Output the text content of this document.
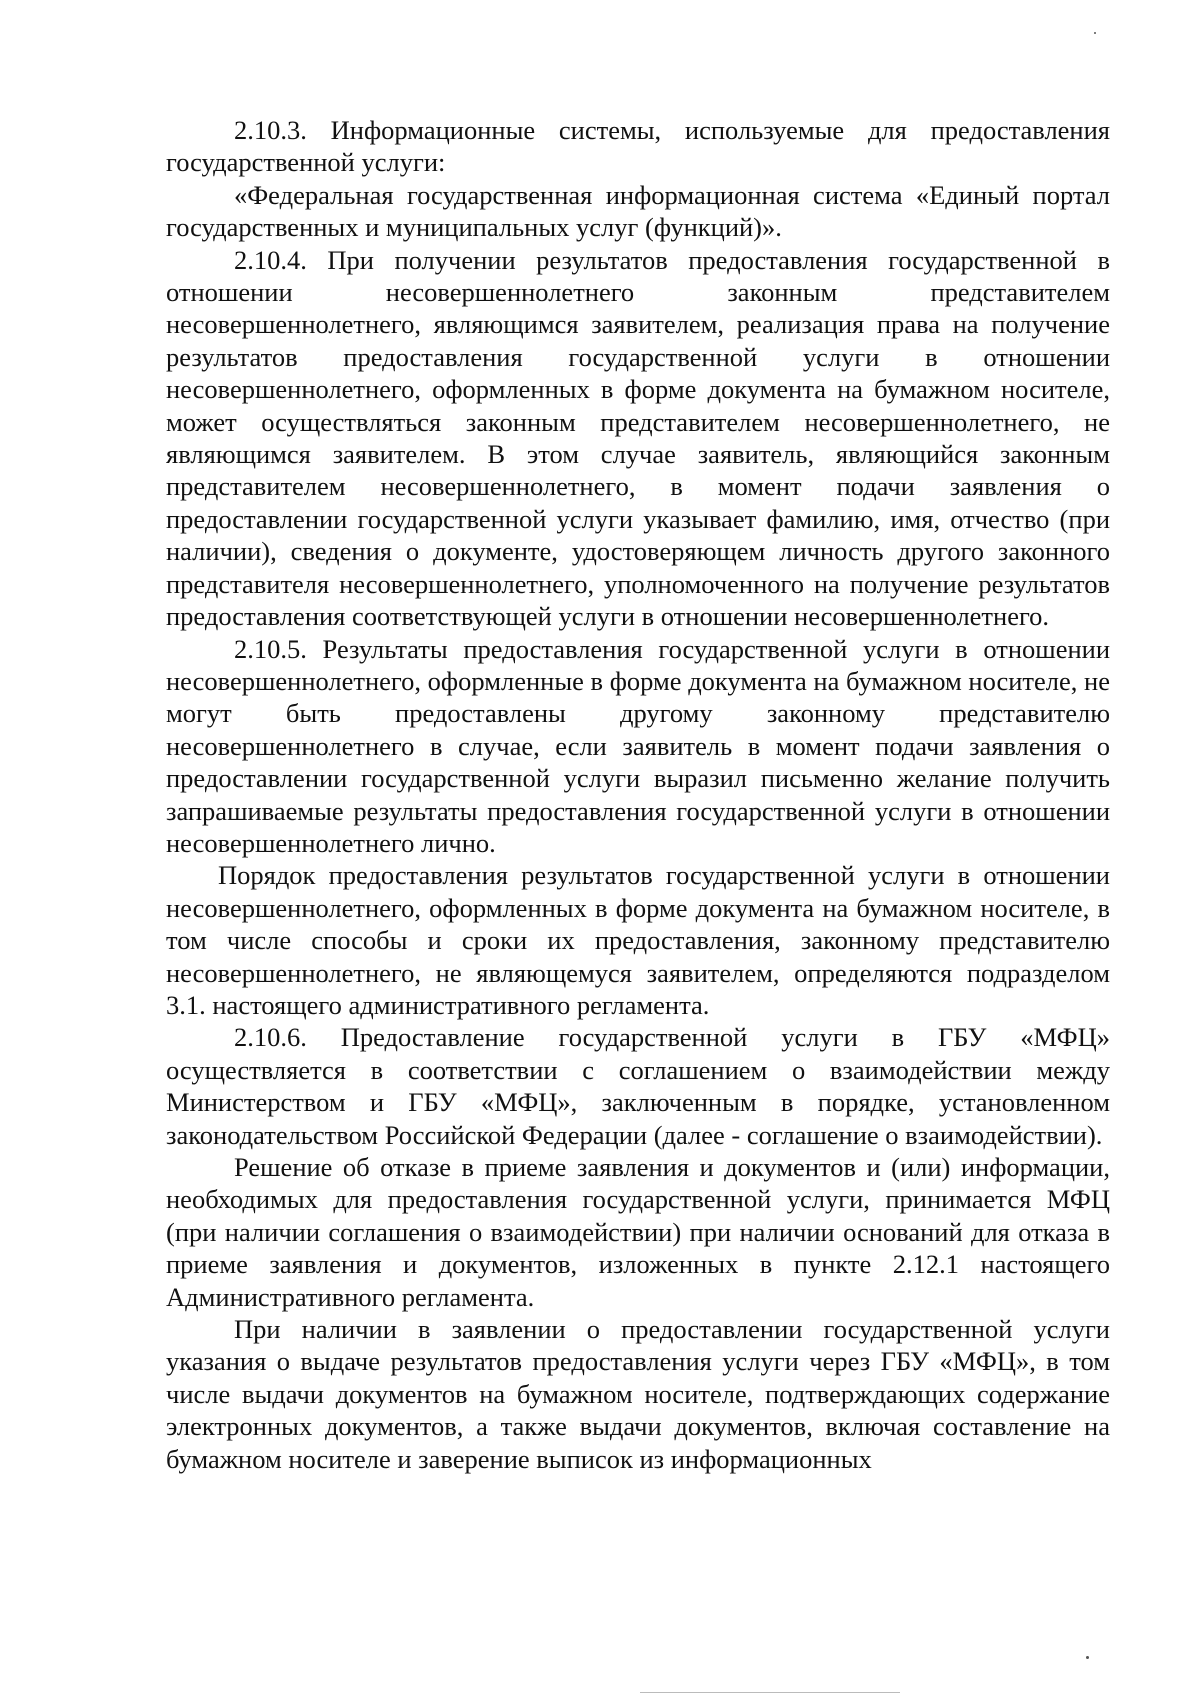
2.10.3. Информационные системы, используемые для предоставления государственной услуги:

«Федеральная государственная информационная система «Единый портал государственных и муниципальных услуг (функций)».

2.10.4. При получении результатов предоставления государственной в отношении несовершеннолетнего законным представителем несовершеннолетнего, являющимся заявителем, реализация права на получение результатов предоставления государственной услуги в отношении несовершеннолетнего, оформленных в форме документа на бумажном носителе, может осуществляться законным представителем несовершеннолетнего, не являющимся заявителем. В этом случае заявитель, являющийся законным представителем несовершеннолетнего, в момент подачи заявления о предоставлении государственной услуги указывает фамилию, имя, отчество (при наличии), сведения о документе, удостоверяющем личность другого законного представителя несовершеннолетнего, уполномоченного на получение результатов предоставления соответствующей услуги в отношении несовершеннолетнего.

2.10.5. Результаты предоставления государственной услуги в отношении несовершеннолетнего, оформленные в форме документа на бумажном носителе, не могут быть предоставлены другому законному представителю несовершеннолетнего в случае, если заявитель в момент подачи заявления о предоставлении государственной услуги выразил письменно желание получить запрашиваемые результаты предоставления государственной услуги в отношении несовершеннолетнего лично.

Порядок предоставления результатов государственной услуги в отношении несовершеннолетнего, оформленных в форме документа на бумажном носителе, в том числе способы и сроки их предоставления, законному представителю несовершеннолетнего, не являющемуся заявителем, определяются подразделом 3.1. настоящего административного регламента.

2.10.6. Предоставление государственной услуги в ГБУ «МФЦ» осуществляется в соответствии с соглашением о взаимодействии между Министерством и ГБУ «МФЦ», заключенным в порядке, установленном законодательством Российской Федерации (далее - соглашение о взаимодействии).

Решение об отказе в приеме заявления и документов и (или) информации, необходимых для предоставления государственной услуги, принимается МФЦ (при наличии соглашения о взаимодействии) при наличии оснований для отказа в приеме заявления и документов, изложенных в пункте 2.12.1 настоящего Административного регламента.

При наличии в заявлении о предоставлении государственной услуги указания о выдаче результатов предоставления услуги через ГБУ «МФЦ», в том числе выдачи документов на бумажном носителе, подтверждающих содержание электронных документов, а также выдачи документов, включая составление на бумажном носителе и заверение выписок из информационных
